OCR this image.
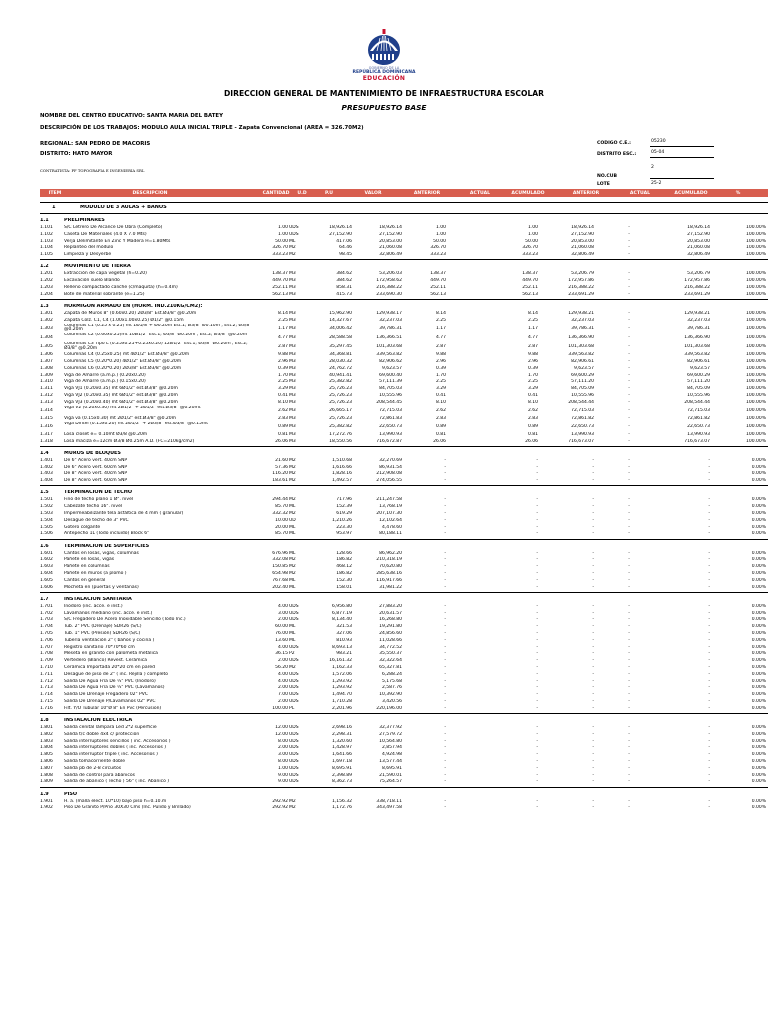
GOBIERNO DE LA
REPÚBLICA DOMINICANA
EDUCACIÓN
DIRECCION GENERAL DE MANTENIMIENTO DE INFRAESTRUCTURA ESCOLAR
PRESUPUESTO BASE
NOMBRE DEL CENTRO EDUCATIVO: SANTA MARIA DEL BATEY
DESCRIPCIÓN DE LOS TRABAJOS: MODULO AULA INICIAL TRIPLE - Zapata Convencional (AREA = 326.70M2)
REGIONAL: SAN PEDRO DE MACORIS
DISTRITO: HATO MAYOR
CONTRATISTA: PF TOPOGRAFIA E INGENIERIA SRL
CODIGO C.E.:	05230
DISTRITO ESC.:	05-04
2
NO.CUB
LOTE	25-2
ITEM	DESCRIPCION	CANTIDAD	U.D	P.U	VALOR	ANTERIOR	ACTUAL	ACUMULADO	ANTERIOR	ACTUAL	ACUMULADO	%
1	MODULO DE 3 AULAS + BAÑOS
1.1	PRELIMINARES
1.101	S/C Letrero De Alcance De Obra (Completo)	1.00 UDS	18,926.14	18,926.14	1.00	1.00	18,926.14	-	18,926.14	100.00%
1.102	Caseta De Materiales (4.0 X 7.0 Mts)	1.00 UDS	27,152.90	27,152.90	1.00	1.00	27,152.90	-	27,152.90	100.00%
1.103	Verja Delimitante En Zinc Y Madera H=1.80Mts	50.00 ML	417.06	20,853.00	50.00	50.00	20,853.00	-	20,853.00	100.00%
1.104	Replanteo del módulo	326.70 M2	64.46	21,060.08	326.70	326.70	21,060.08	-	21,060.08	100.00%
1.105	Limpieza y Desyerbe	333.23 M2	98.45	32,806.49	333.23	333.23	32,806.49	-	32,806.49	100.00%
1.2	MOVIMIENTO DE TIERRA
1.201	Extracción de capa vegetal (h=0.20)	138.37 M3	384.62	53,206.03	138.37	138.37	53,206.79	-	53,206.79	100.00%
1.202	Excavación suelo Blando	449.70 M3	384.62	172,958.62	449.70	449.70	172,957.86	-	172,957.86	100.00%
1.203	Relleno compactado caliche (c/maquita) (h=0.4m)	252.11 M3	858.31	216,388.22	252.11	252.11	216,388.22	-	216,388.22	100.00%
1.204	Bote de material sobrante (e=1.25)	562.13 M3	415.73	233,690.30	562.13	562.13	233,691.29	-	233,691.29	100.00%
1.3	HORMIGON ARMADO EN (HORM. IND.210KG/CM2):
1.301	Zapata de Muros 8" (0.60x0.20) 2Ø3/8" Est.Ø3/8" @0.20m	8.14 M3	15,962.90	129,938.17	8.14	8.14	129,938.21	-	129,938.21	100.00%
1.302	Zapata Colz. C1, C4 (1.00x1.00x0.25) Ø1/2" @0.15m	2.25 M3	14,327.67	32,237.03	2.25	2.25	32,237.03	-	32,237.03	100.00%
1.303
Columnas C1 (0.25 x 0.25) mt 1Ø5/8"+ Ø0.20m Est.1; Ø3/8" Ø0.10m , Est.2; Ø3/8" @0.20m	1.17 M3	34,006.42	39,786.31	1.17	1.17	39,786.31	-	39,786.31	100.00%
1.304
Columnas C2 (0.60x0.25)mt 10Ø1/2" Est.1; Ø3/8" Ø0.20m , Est.2; Ø3/8" @0.20m
4.77 M3	28,588.58	136,366.51	4.77	4.77	136,366.90	-	136,366.90	100.00%
1.305
Columnas C3 Tipo L (0.25x0.25+0.25x0.20) 12Ø1/2" Est.1; Ø3/8" Ø0.20m , Est.2; Ø3/8" @0.20m	2.87 M3	35,297.45	101,303.68	2.87	2.87	101,303.68	-	101,303.68	100.00%
1.306	Columnas C4 (0.25x0.25) mt 4Ø1/2" Est.Ø3/8" @0.20m	9.88 M3	34,368.81	339,563.82	9.88	9.88	339,563.82	-	339,563.82	100.00%
1.307	Columnas C5 (0.20*0.20) 4Ø1/2" Est.Ø3/8" @0.20m	2.96 M3	28,030.32	82,906.62	2.96	2.96	82,906.61	-	82,906.61	100.00%
1.308	Columnas C6 (0.20*0.20) 2Ø3/8" Est.Ø3/8" @0.20m	0.39 M3	24,762.72	9,623.57	0.39	0.39	9,623.57	-	9,623.57	100.00%
1.309	Viga de Amarre (a.m.p.) (0.20x0.20)	1.70 M3	40,941.41	69,600.40	1.70	1.70	69,600.29	-	69,600.29	100.00%
1.310	Viga de Amarre (a.m.p.) (0.15x0.20)	2.25 M3	25,382.82	57,111.39	2.25	2.25	57,111.20	-	57,111.20	100.00%
1.311	Viga VJ1 (0.20x0.35) mt 6Ø1/2" est.Ø3/8" @0.20m	3.29 M3	25,726.23	84,705.03	3.29	3.29	84,705.09	-	84,705.09	100.00%
1.312	Viga VJ2 (0.20x0.35) mt 6Ø1/2" est.Ø3/8" @0.20m	0.41 M3	25,726.23	10,555.96	0.41	0.41	10,555.96	-	10,555.96	100.00%
1.313	Viga VJ3 (0.20x0.40) mt 6Ø1/2" est.Ø3/8" @0.20m	8.10 M3	25,726.23	208,544.45	8.10	8.10	208,544.44	-	208,544.44	100.00%
1.314
Viga V2 (0.20x0.30) mt 2Ø1/2" + 2Ø1/2" est.Ø3/8" @0.20mt
2.62 M3	26,665.17	72,715.03	2.62	2.62	72,715.03	-	72,715.03	100.00%
1.315	Viga va (0.15x0.30) mt 2Ø1/2" est.Ø3/8" @0.20m	2.83 M3	25,726.23	72,861.83	2.83	2.83	72,861.82	-	72,861.82	100.00%
1.316
Viga Dintel (0.15x0.20) mt 2Ø1/2" + 2Ø3/8" est.Ø3/8" @0.15mt
0.89 M3	25,382.82	22,650.73	0.89	0.89	22,650.73	-	22,650.73	100.00%
1.317	Losa closet e= 0.10mt Ø3/8 @0.20m	0.81 M3	17,272.76	13,990.93	0.81	0.81	13,990.93	-	13,990.93	100.00%
1.318	Losa maciza e=12cm Ø3/8 Ø0.25m A.D. (FC=210kg/cm2)	26.06 M3	18,550.56	716,672.87	26.06	26.06	716,673.07	-	716,673.07	100.00%
1.4	MUROS DE BLOQUES
1.401	De 6" Acero vert. 40cm SNP	21.60 M2	1,510.68	32,270.69	-	-	-	-	-	0.00%
1.402	De 6" Acero vert. 60cm SNP	57.36 M2	1,616.66	86,931.54	-	-	-	-	-	0.00%
1.403	De 8" Acero vert. 40cm SNP	116.20 M2	1,828.16	212,908.08	-	-	-	-	-	0.00%
1.404	De 8" Acero vert. 60cm SNP	183.61 M2	1,492.57	274,056.55	-	-	-	-	-	0.00%
1.5	TERMINACION DE TECHO
1.501	Fino de techo plano 1 Ø". nivel	294.44 M2	717.96	211,247.58	-	-	-	-	-	0.00%
1.502	Cabezate techo 16". nivel	85.70 ML	152.39	13,768.19	-	-	-	-	-	0.00%
1.503	Impermeabilizante tela asfáltica de 4 mm ( granular)	332.32 M2	619.29	207,107.30	-	-	-	-	-	0.00%
1.504	Desagüe de techo de 3" PVC	10.00 UD	1,210.26	12,102.64	-	-	-	-	-	0.00%
1.505	Gotero colgante	20.00 ML	223.30	4,478.60	-	-	-	-	-	0.00%
1.506	Antepecho 1L (Todo incluido) Block 6"	85.70 ML	953.97	80,188.11	-	-	-	-	-	0.00%
1.6	TERMINACION DE SUPERFICIES
1.601	Cantos en losas, vigas, columnas	676.96 ML	128.66	86,962.20	-	-	-	-	-	0.00%
1.602	Pañete en losas, vigas	332.08 M2	186.82	210,318.19	-	-	-	-	-	0.00%
1.603	Pañete en columnas	150.85 M2	468.12	70,620.80	-	-	-	-	-	0.00%
1.604	Pañete en muros (a plomo )	654.98 M2	186.82	285,638.16	-	-	-	-	-	0.00%
1.605	Cantos en general	767.68 ML	152.30	116,917.66	-	-	-	-	-	0.00%
1.606	Mocheta en (puertas y ventanas)	202.40 ML	158.01	31,981.22	-	-	-	-	-	0.00%
1.7	INSTALACION SANITARIA
1.701	Inodoro (inc. acce. e inst.)	4.00 UDS	6,956.80	27,883.20	-	-	-	-	-	0.00%
1.702	Lavamanos mediano (inc. acce. e inst.)	3.00 UDS	6,877.19	20,631.57	-	-	-	-	-	0.00%
1.703	S/C Fregadero De Acero Inoxidable Sencillo (Todo Inc.)	2.00 UDS	8,134.40	16,268.80	-	-	-	-	-	0.00%
1.704	Tub. 2" PVC (Drenaje) SDR26 (S/C)	60.00 ML	321.53	19,291.80	-	-	-	-	-	0.00%
1.705	Tub. 1" PVC (Presión) SDR26 (S/C)	76.00 ML	327.06	24,856.60	-	-	-	-	-	0.00%
1.706	Tubería ventilación 2" ( baños y cocina )	13.60 ML	810.93	11,028.66	-	-	-	-	-	0.00%
1.707	Registro sanitario 70*70*60 cm	4.00 UDS	8,693.13	34,772.52	-	-	-	-	-	0.00%
1.708	Meseta en granito con palometa metálica	36.15 P2	983.21	35,550.37	-	-	-	-	-	0.00%
1.709	Vertedero (Blanco) Revest. Cerámica	2.00 UDS	16,161.32	32,322.64	-	-	-	-	-	0.00%
1.710	Cerámica Importada 20*20 cm en pared	56.20 M2	1,162.33	65,327.81	-	-	-	-	-	0.00%
1.711	Desagüe de piso de 2" ( inc. Rejilla ) completo	4.00 UDS	1,572.06	6,288.24	-	-	-	-	-	0.00%
1.712	Salida De Agua Fría De ½" PVC (Inodoro)	4.00 UDS	1,293.92	5,175.68	-	-	-	-	-	0.00%
1.713	Salida De Agua Fría De ½" PVC (Lavamanos)	2.00 UDS	1,293.92	2,587.76	-	-	-	-	-	0.00%
1.714	Salida De Drenaje Fregadero 02" PVC	7.00 UDS	1,494.70	10,392.90	-	-	-	-	-	0.00%
1.715	Salida De Drenaje P/Lavamanos 02" PVC	2.00 UDS	1,710.28	3,420.56	-	-	-	-	-	0.00%
1.716	Filt. Y/O Tubular 10"Ø 8" En Pvc (Percusion)	100.00 PL	2,201.96	220,196.00	-	-	-	-	-	0.00%
1.8	INSTALACION ELECTRICA
1.801	Salida cenital lámpara Led 2*2 superficie	12.00 UDS	2,698.16	32,377.92	-	-	-	-	-	0.00%
1.802	Salida t/c doble 4x4 c/ protección	12.00 UDS	2,298.31	27,579.72	-	-	-	-	-	0.00%
1.803	Salida interruptores sencillos ( inc. Accesorios )	8.00 UDS	1,320.60	10,564.80	-	-	-	-	-	0.00%
1.804	Salida interruptores dobles ( inc. Accesorios )	2.00 UDS	1,428.97	2,857.94	-	-	-	-	-	0.00%
1.805	Salida interruptor triple ( inc. Accesorios )	3.00 UDS	1,641.66	4,924.98	-	-	-	-	-	0.00%
1.806	Salida tomacorriente doble	8.00 UDS	1,697.18	13,577.44	-	-	-	-	-	0.00%
1.807	Salida pb de 2-8 circuitos	1.00 UDS	8,695.91	8,695.91	-	-	-	-	-	0.00%
1.808	Salida de control para abanicos	9.00 UDS	2,398.89	21,590.01	-	-	-	-	-	0.00%
1.809	Salida de abanico ( Techo ) 56" ( inc. Abanico )	9.00 UDS	8,362.73	75,264.57	-	-	-	-	-	0.00%
1.9	PISO
1.901	H. a. (malla elect. 10*10) bajo piso h=0.10.m	292.92 M2	1,156.32	338,718.11	-	-	-	-	-	0.00%
1.902	Piso De Granito P/Prio 30X30 Cms (Inc. Pulido y Brillado)	292.92 M2	1,172.76	343,497.58	-	-	-	-	-	0.00%
